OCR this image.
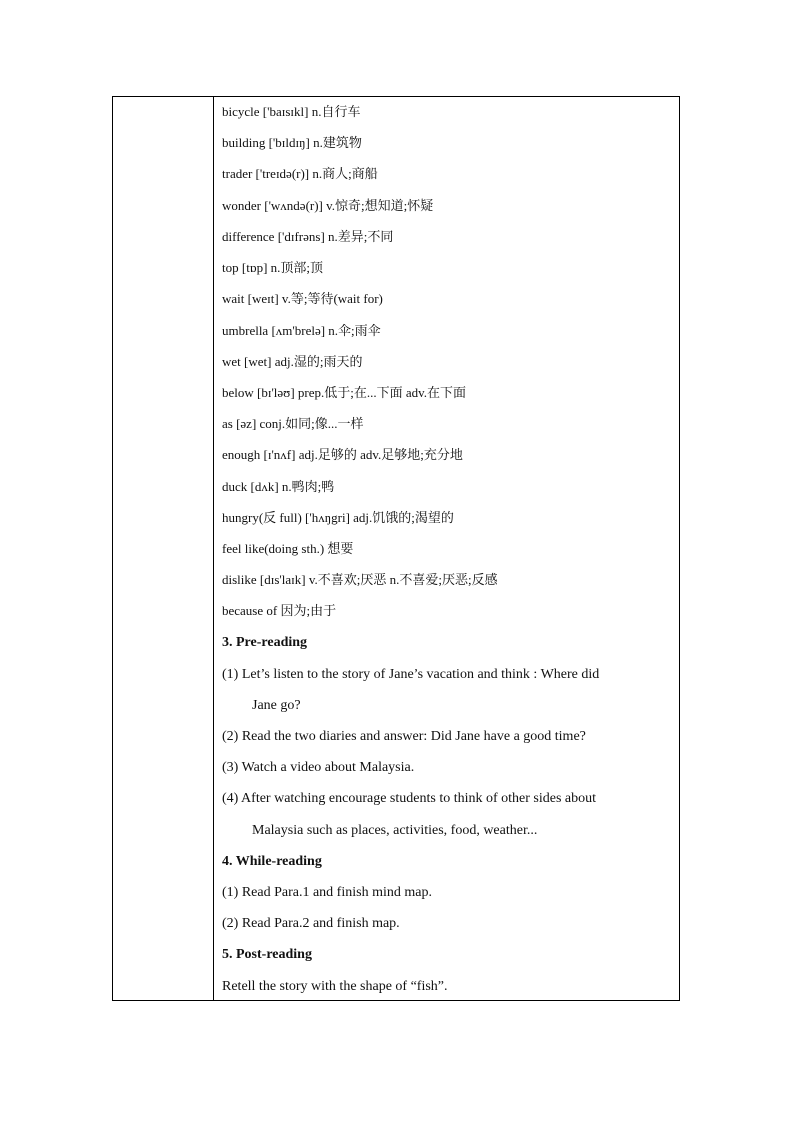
bicycle ['baɪsɪkl] n.自行车
building ['bɪldɪŋ] n.建筑物
trader ['treɪdə(r)] n.商人;商船
wonder ['wʌndə(r)] v.惊奇;想知道;怀疑
difference ['dɪfrəns] n.差异;不同
top [tɒp] n.顶部;顶
wait [weɪt] v.等;等待(wait for)
umbrella [ʌm'brelə] n.伞;雨伞
wet [wet] adj.湿的;雨天的
below [bɪ'ləʊ] prep.低于;在...下面 adv.在下面
as [əz] conj.如同;像...一样
enough [ɪ'nʌf] adj.足够的 adv.足够地;充分地
duck [dʌk] n.鸭肉;鸭
hungry(反 full) ['hʌŋgri] adj.饥饿的;渴望的
feel like(doing sth.) 想要
dislike [dɪs'laɪk] v.不喜欢;厌恶 n.不喜爱;厌恶;反感
because of 因为;由于
3. Pre-reading
(1) Let’s listen to the story of Jane’s vacation and think : Where did
Jane go?
(2) Read the two diaries and answer: Did Jane have a good time?
(3) Watch a video about Malaysia.
(4) After watching encourage students to think of other sides about
Malaysia such as places, activities, food, weather...
4. While-reading
(1) Read Para.1 and finish mind map.
(2) Read Para.2 and finish map.
5. Post-reading
Retell the story with the shape of “fish”.
